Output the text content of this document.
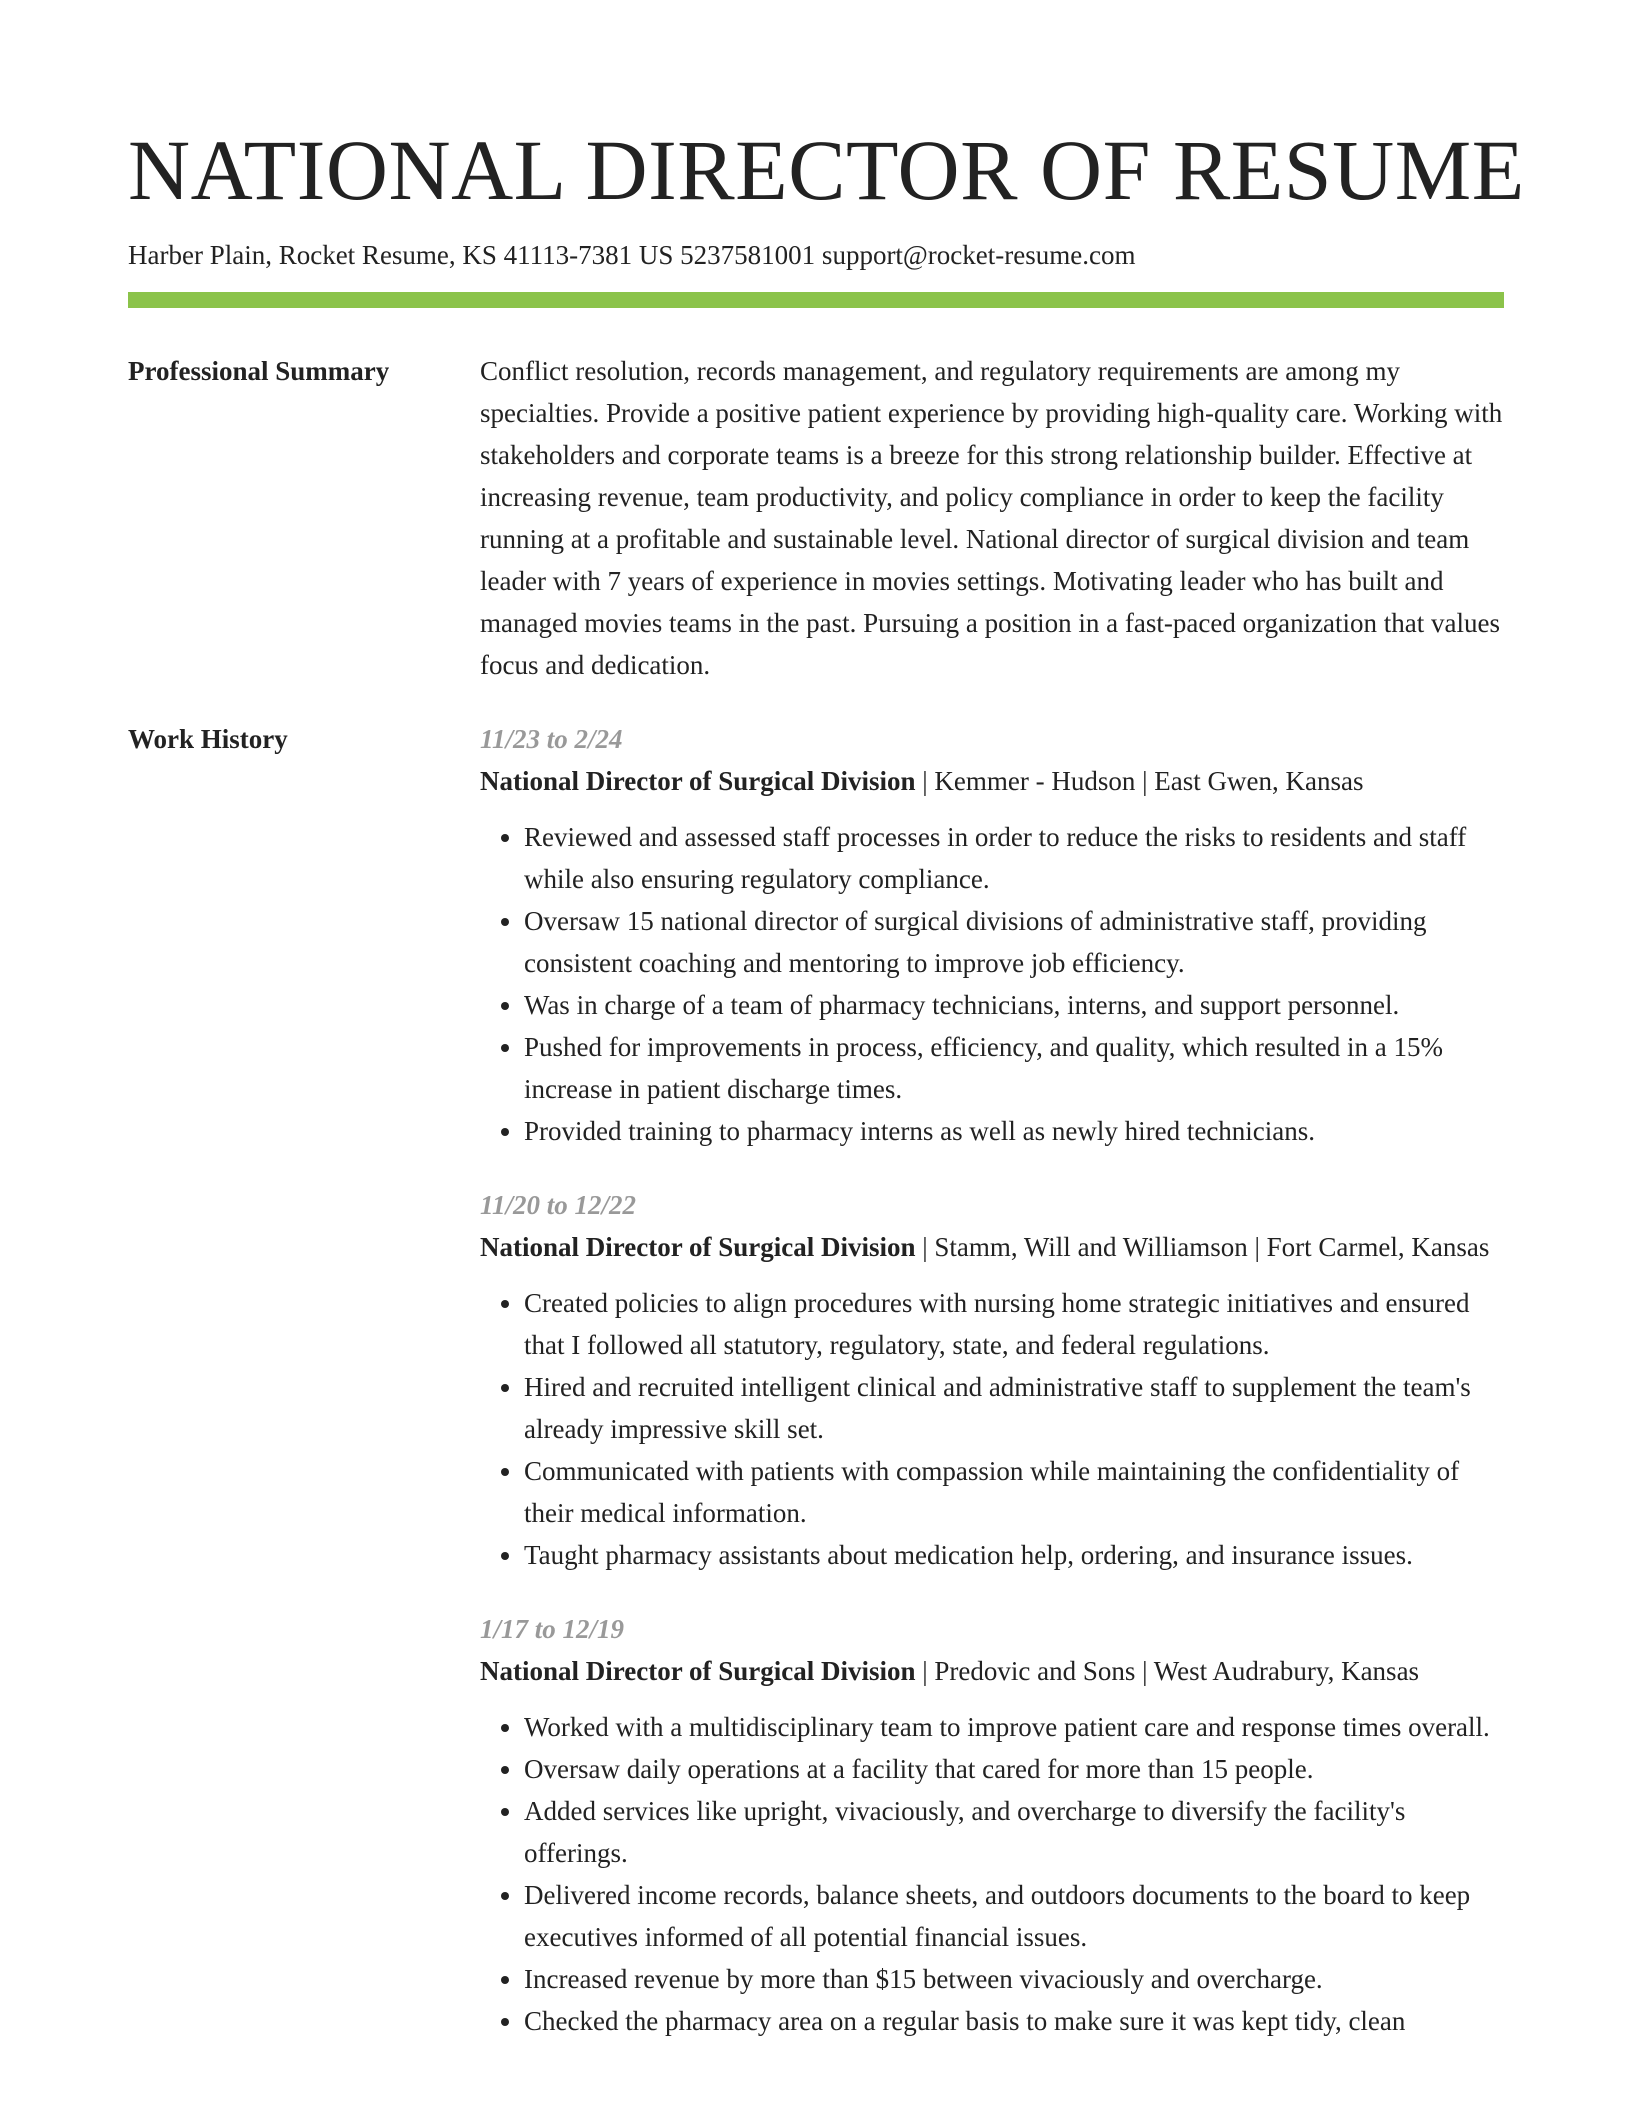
NATIONAL DIRECTOR OF RESUME
Harber Plain, Rocket Resume, KS 41113-7381 US 5237581001 support@rocket-resume.com
Professional Summary	Conflict resolution, records management, and regulatory requirements are among my specialties. Provide a positive patient experience by providing high-quality care. Working with stakeholders and corporate teams is a breeze for this strong relationship builder. Effective at increasing revenue, team productivity, and policy compliance in order to keep the facility running at a profitable and sustainable level. National director of surgical division and team leader with 7 years of experience in movies settings. Motivating leader who has built and managed movies teams in the past. Pursuing a position in a fast-paced organization that values focus and dedication.

Work History	11/23 to 2/24
National Director of Surgical Division | Kemmer - Hudson | East Gwen, Kansas
• Reviewed and assessed staff processes in order to reduce the risks to residents and staff while also ensuring regulatory compliance.
• Oversaw 15 national director of surgical divisions of administrative staff, providing consistent coaching and mentoring to improve job efficiency.
• Was in charge of a team of pharmacy technicians, interns, and support personnel.
• Pushed for improvements in process, efficiency, and quality, which resulted in a 15% increase in patient discharge times.
• Provided training to pharmacy interns as well as newly hired technicians.
11/20 to 12/22
National Director of Surgical Division | Stamm, Will and Williamson | Fort Carmel, Kansas
• Created policies to align procedures with nursing home strategic initiatives and ensured that I followed all statutory, regulatory, state, and federal regulations.
• Hired and recruited intelligent clinical and administrative staff to supplement the team's already impressive skill set.
• Communicated with patients with compassion while maintaining the confidentiality of their medical information.
• Taught pharmacy assistants about medication help, ordering, and insurance issues.
1/17 to 12/19
National Director of Surgical Division | Predovic and Sons | West Audrabury, Kansas
• Worked with a multidisciplinary team to improve patient care and response times overall.
• Oversaw daily operations at a facility that cared for more than 15 people.
• Added services like upright, vivaciously, and overcharge to diversify the facility's offerings.
• Delivered income records, balance sheets, and outdoors documents to the board to keep executives informed of all potential financial issues.
• Increased revenue by more than $15 between vivaciously and overcharge.
• Checked the pharmacy area on a regular basis to make sure it was kept tidy, clean
